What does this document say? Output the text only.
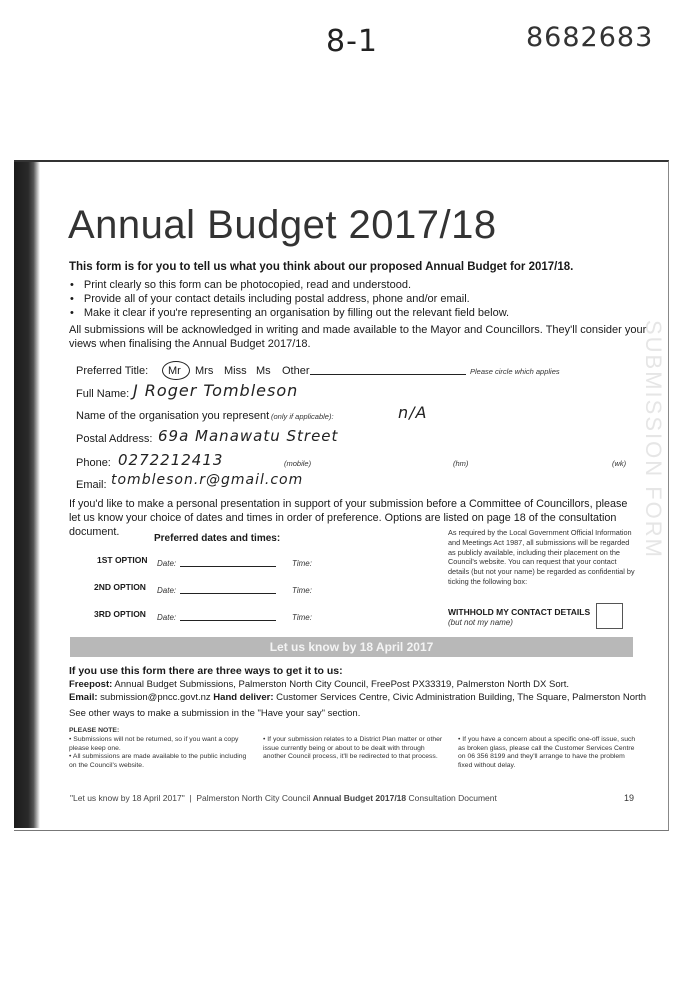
8-1	8682683
SUBMISSION FORM
Annual Budget 2017/18
This form is for you to tell us what you think about our proposed Annual Budget for 2017/18.
• Print clearly so this form can be photocopied, read and understood.
• Provide all of your contact details including postal address, phone and/or email.
• Make it clear if you're representing an organisation by filling out the relevant field below.
All submissions will be acknowledged in writing and made available to the Mayor and Councillors. They'll consider your views when finalising the Annual Budget 2017/18.
Preferred Title: Mr Mrs Miss Ms Other	Please circle which applies
Full Name: J Roger Tombleson
Name of the organisation you represent (only if applicable):	n/A
Postal Address: 69a Manawatu Street
Phone: 0272212413	(mobile)	(hm)	(wk)
Email: tombleson.r@gmail.com
If you'd like to make a personal presentation in support of your submission before a Committee of Councillors, please let us know your choice of dates and times in order of preference. Options are listed on page 18 of the consultation document.
Preferred dates and times:
1ST OPTION Date:	Time:
2ND OPTION Date:	Time:
3RD OPTION Date:	Time:
As required by the Local Government Official Information and Meetings Act 1987, all submissions will be regarded as publicly available, including their placement on the Council's website. You can request that your contact details (but not your name) be regarded as confidential by ticking the following box:
WITHHOLD MY CONTACT DETAILS
(but not my name)
Let us know by 18 April 2017
If you use this form there are three ways to get it to us:
Freepost: Annual Budget Submissions, Palmerston North City Council, FreePost PX33319, Palmerston North DX Sort.
Email: submission@pncc.govt.nz Hand deliver: Customer Services Centre, Civic Administration Building, The Square, Palmerston North
See other ways to make a submission in the "Have your say" section.
PLEASE NOTE:
• Submissions will not be returned, so if you want a copy please keep one.
• All submissions are made available to the public including on the Council's website.
• If your submission relates to a District Plan matter or other issue currently being or about to be dealt with through another Council process, it'll be redirected to that process.
• If you have a concern about a specific one-off issue, such as broken glass, please call the Customer Services Centre on 06 356 8199 and they'll arrange to have the problem fixed without delay.
"Let us know by 18 April 2017"  |  Palmerston North City Council Annual Budget 2017/18 Consultation Document	19
